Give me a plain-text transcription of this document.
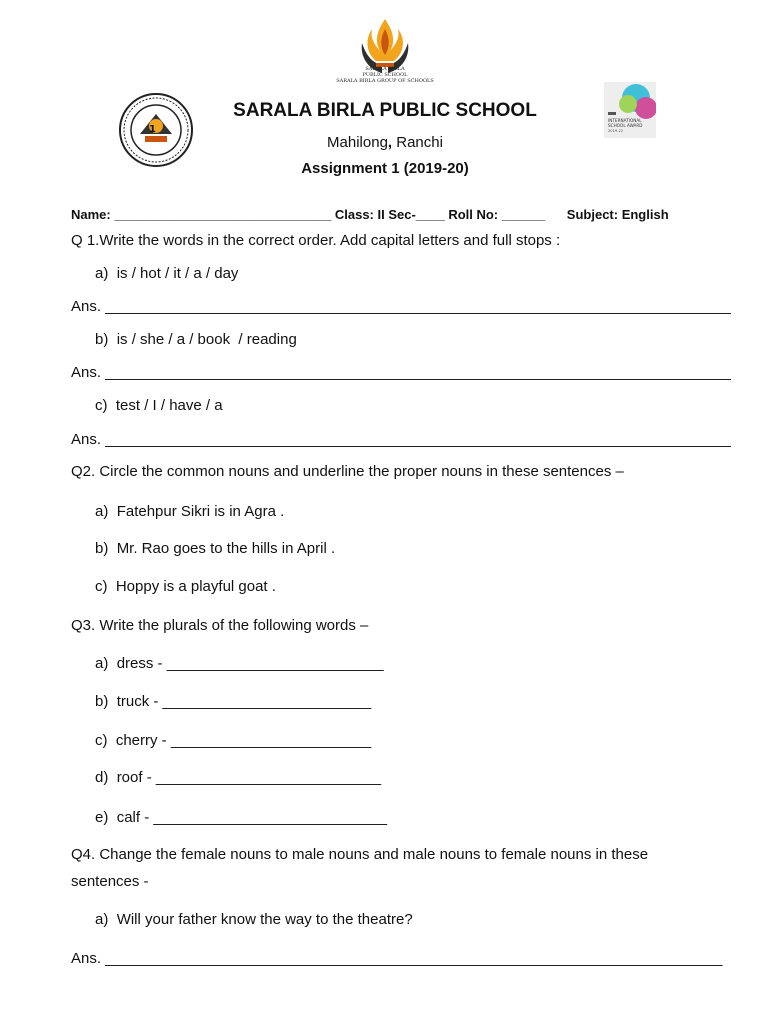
SARALA BIRLA
PUBLIC SCHOOL
SARALA BIRLA GROUP OF SCHOOLS
1
INTERNATIONAL
SCHOOL AWARD
2019-22
SARALA BIRLA PUBLIC SCHOOL
Mahilong, Ranchi
Assignment 1 (2019-20)
Name: ______________________________ Class: II Sec-____ Roll No: ______      Subject: English
Q 1.Write the words in the correct order. Add capital letters and full stops :
a) is / hot / it / a / day
Ans. ___________________________________________________________________________
b) is / she / a / book  / reading
Ans. ___________________________________________________________________________
c) test / I / have / a
Ans. ___________________________________________________________________________
Q2. Circle the common nouns and underline the proper nouns in these sentences –
a) Fatehpur Sikri is in Agra .
b) Mr. Rao goes to the hills in April .
c) Hoppy is a playful goat .
Q3. Write the plurals of the following words –
a) dress - __________________________
b) truck - _________________________
c) cherry - ________________________
d) roof - ___________________________
e) calf - ____________________________
Q4. Change the female nouns to male nouns and male nouns to female nouns in these
sentences -
a) Will your father know the way to the theatre?
Ans. __________________________________________________________________________
